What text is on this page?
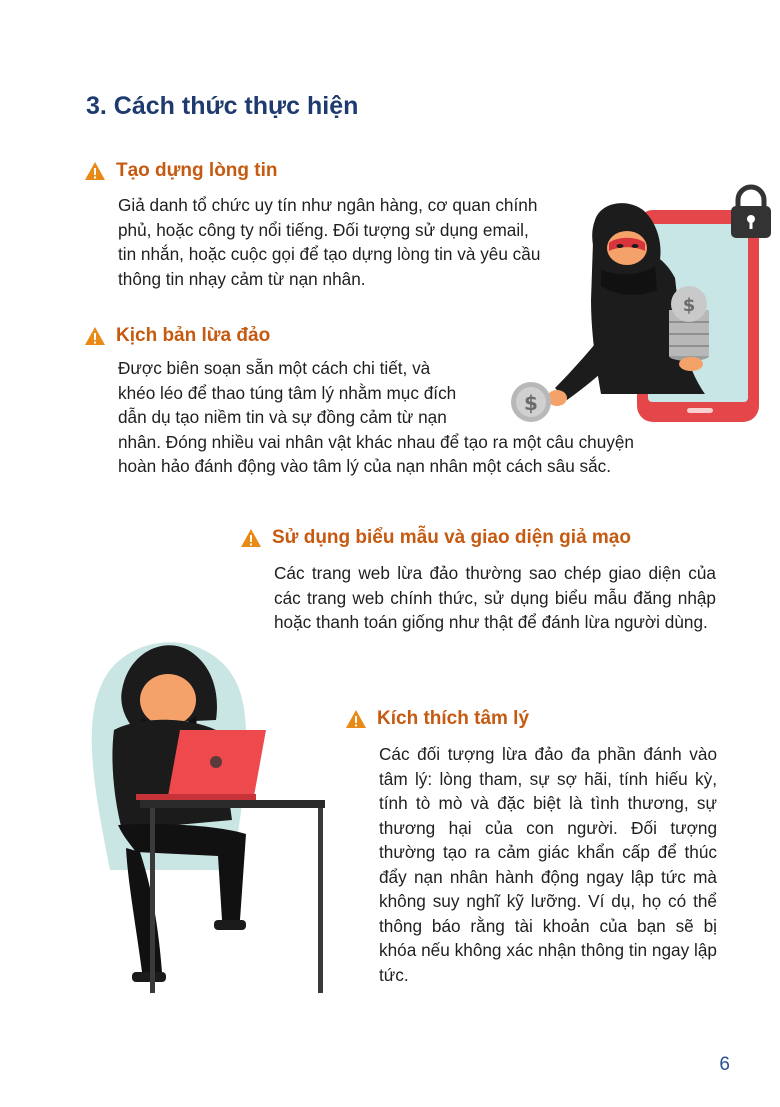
3. Cách thức thực hiện
$
$
Tạo dựng lòng tin

Giả danh tổ chức uy tín như ngân hàng, cơ quan chính

phủ, hoặc công ty nổi tiếng. Đối tượng sử dụng email,

tin nhắn, hoặc cuộc gọi để tạo dựng lòng tin và yêu cầu

thông tin nhạy cảm từ nạn nhân.

Kịch bản lừa đảo

Được biên soạn sẵn một cách chi tiết, và

khéo léo để thao túng tâm lý nhằm mục đích

dẫn dụ tạo niềm tin và sự đồng cảm từ nạn

nhân. Đóng nhiều vai nhân vật khác nhau để tạo ra một câu chuyện

hoàn hảo đánh động vào tâm lý của nạn nhân một cách sâu sắc.

Sử dụng biểu mẫu và giao diện giả mạo
Các trang web lừa đảo thường sao chép giao diện của các trang web chính thức, sử dụng biểu mẫu đăng nhập hoặc thanh toán giống như thật để đánh lừa người dùng.
Kích thích tâm lý
Các đối tượng lừa đảo đa phần đánh vào tâm lý: lòng tham, sự sợ hãi, tính hiếu kỳ, tính tò mò và đặc biệt là tình thương, sự thương hại của con người. Đối tượng thường tạo ra cảm giác khẩn cấp để thúc đẩy nạn nhân hành động ngay lập tức mà không suy nghĩ kỹ lưỡng. Ví dụ, họ có thể thông báo rằng tài khoản của bạn sẽ bị khóa nếu không xác nhận thông tin ngay lập tức.
6
